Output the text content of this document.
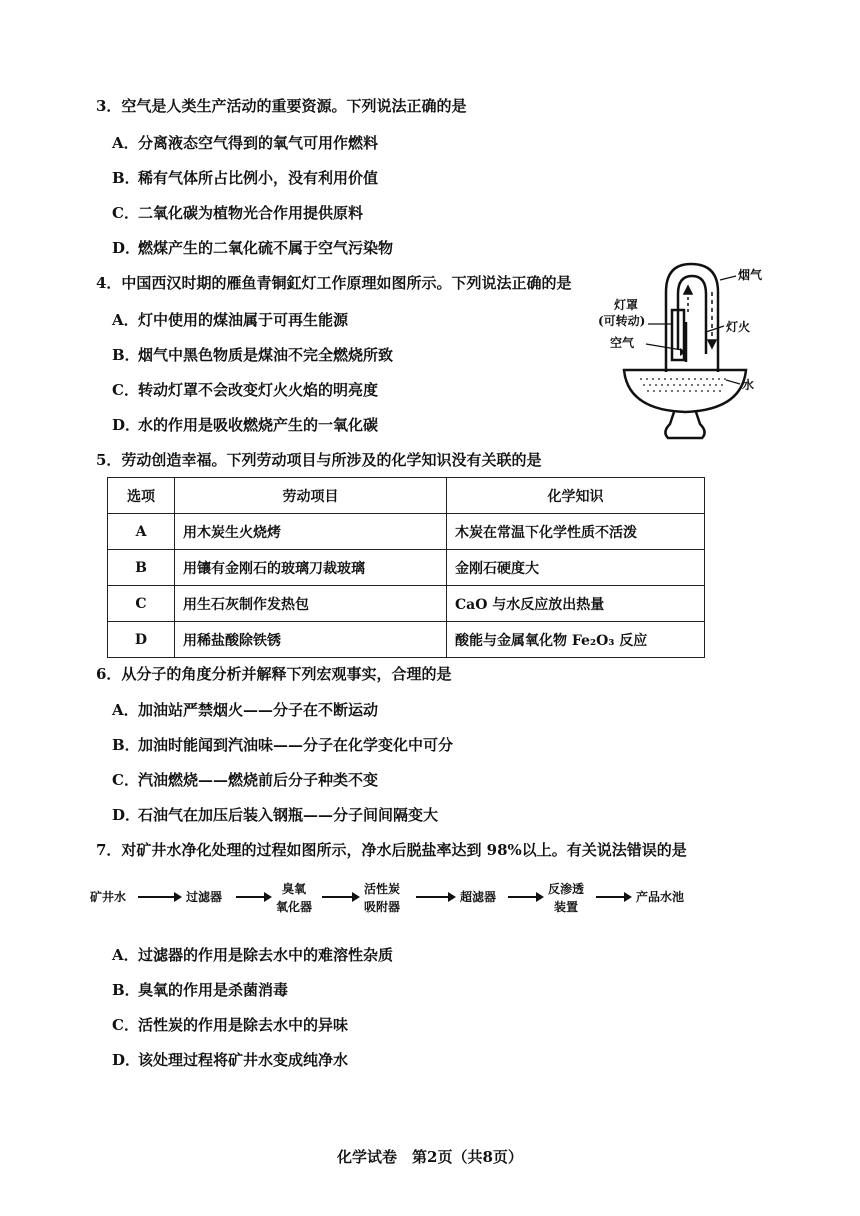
3．空气是人类生产活动的重要资源。下列说法正确的是
A．分离液态空气得到的氧气可用作燃料
B．稀有气体所占比例小，没有利用价值
C．二氧化碳为植物光合作用提供原料
D．燃煤产生的二氧化硫不属于空气污染物
4．中国西汉时期的雁鱼青铜釭灯工作原理如图所示。下列说法正确的是
A．灯中使用的煤油属于可再生能源
B．烟气中黑色物质是煤油不完全燃烧所致
C．转动灯罩不会改变灯火火焰的明亮度
D．水的作用是吸收燃烧产生的一氧化碳
烟气
灯罩
(可转动)	灯火
空气
水
5．劳动创造幸福。下列劳动项目与所涉及的化学知识没有关联的是
选项	劳动项目	化学知识
A	用木炭生火烧烤	木炭在常温下化学性质不活泼
B	用镶有金刚石的玻璃刀裁玻璃	金刚石硬度大
C	用生石灰制作发热包	CaO 与水反应放出热量
D	用稀盐酸除铁锈	酸能与金属氧化物 Fe₂O₃ 反应
6．从分子的角度分析并解释下列宏观事实，合理的是
A．加油站严禁烟火——分子在不断运动
B．加油时能闻到汽油味——分子在化学变化中可分
C．汽油燃烧——燃烧前后分子种类不变
D．石油气在加压后装入钢瓶——分子间间隔变大
7．对矿井水净化处理的过程如图所示，净水后脱盐率达到 98%以上。有关说法错误的是
矿井水	过滤器
臭氧
氧化器
活性炭
吸附器
超滤器
反渗透
装置
产品水池
A．过滤器的作用是除去水中的难溶性杂质
B．臭氧的作用是杀菌消毒
C．活性炭的作用是除去水中的异味
D．该处理过程将矿井水变成纯净水
化学试卷　第2页（共8页）
